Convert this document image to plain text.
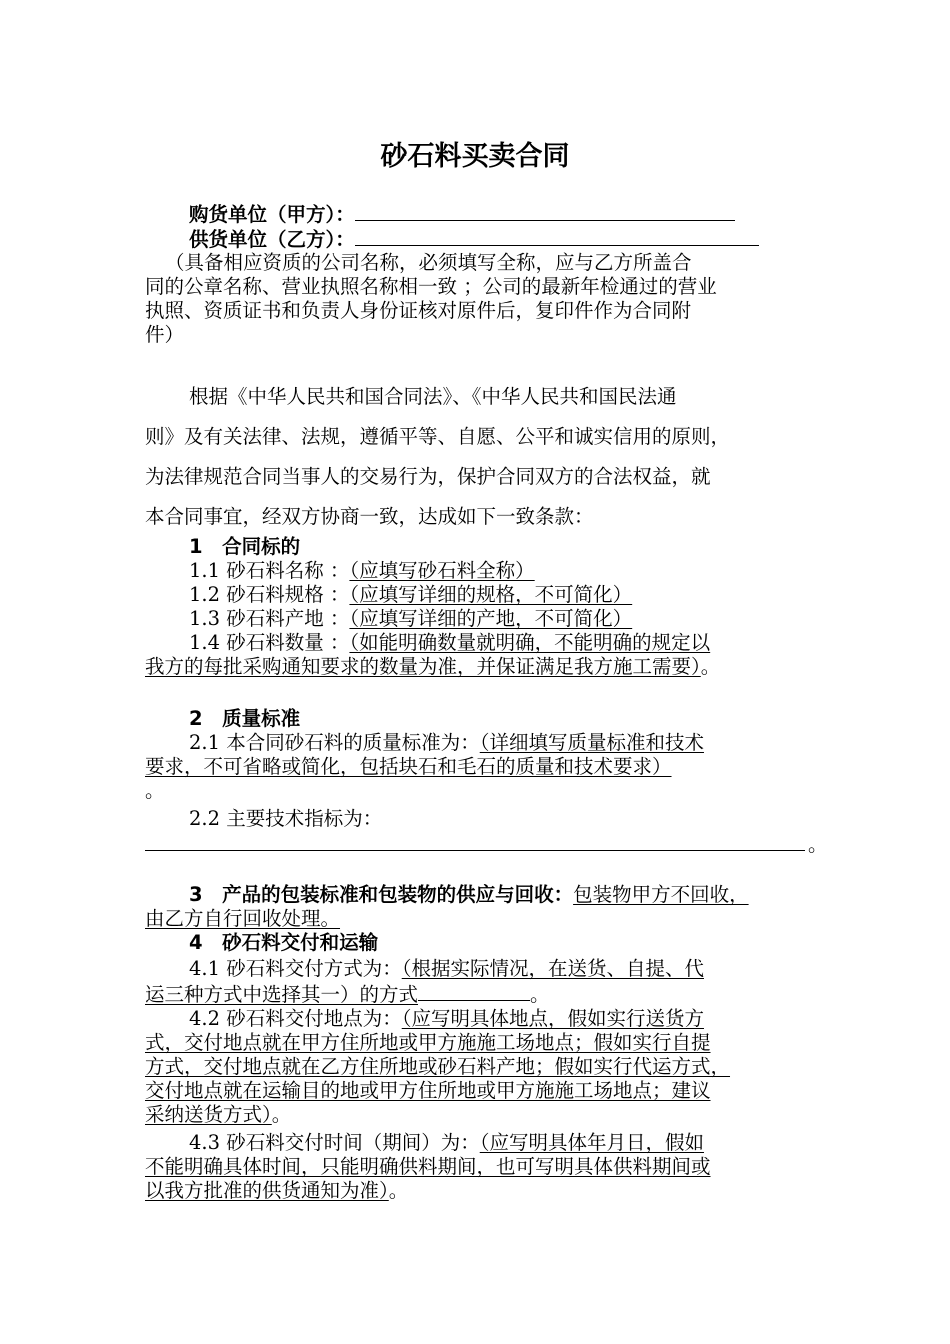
砂石料买卖合同
购货单位（甲方）：
供货单位（乙方）：
（具备相应资质的公司名称，必须填写全称，应与乙方所盖合
同的公章名称、营业执照名称相一致 ；公司的最新年检通过的营业
执照、资质证书和负责人身份证核对原件后，复印件作为合同附
件）
根据《中华人民共和国合同法》、《中华人民共和国民法通
则》及有关法律、法规，遵循平等、自愿、公平和诚实信用的原则，
为法律规范合同当事人的交易行为，保护合同双方的合法权益，就
本合同事宜，经双方协商一致，达成如下一致条款：
1　合同标的
1.1 砂石料名称 ：（应填写砂石料全称）
1.2 砂石料规格 ：（应填写详细的规格，不可简化）
1.3 砂石料产地 ：（应填写详细的产地，不可简化）
1.4 砂石料数量 ：（如能明确数量就明确，不能明确的规定以
我方的每批采购通知要求的数量为准，并保证满足我方施工需要）。
2　质量标准
2.1 本合同砂石料的质量标准为：（详细填写质量标准和技术
要求，不可省略或简化，包括块石和毛石的质量和技术要求）
。
2.2 主要技术指标为：
。
3　产品的包装标准和包装物的供应与回收：包装物甲方不回收，
由乙方自行回收处理。
4　砂石料交付和运输
4.1 砂石料交付方式为：（根据实际情况，在送货、自提、代
运三种方式中选择其一）的方式	。
4.2 砂石料交付地点为：（应写明具体地点，假如实行送货方
式，交付地点就在甲方住所地或甲方施施工场地点；假如实行自提
方式，交付地点就在乙方住所地或砂石料产地；假如实行代运方式，
交付地点就在运输目的地或甲方住所地或甲方施施工场地点；建议
采纳送货方式）。
4.3 砂石料交付时间（期间）为：（应写明具体年月日，假如
不能明确具体时间，只能明确供料期间，也可写明具体供料期间或
以我方批准的供货通知为准）。
